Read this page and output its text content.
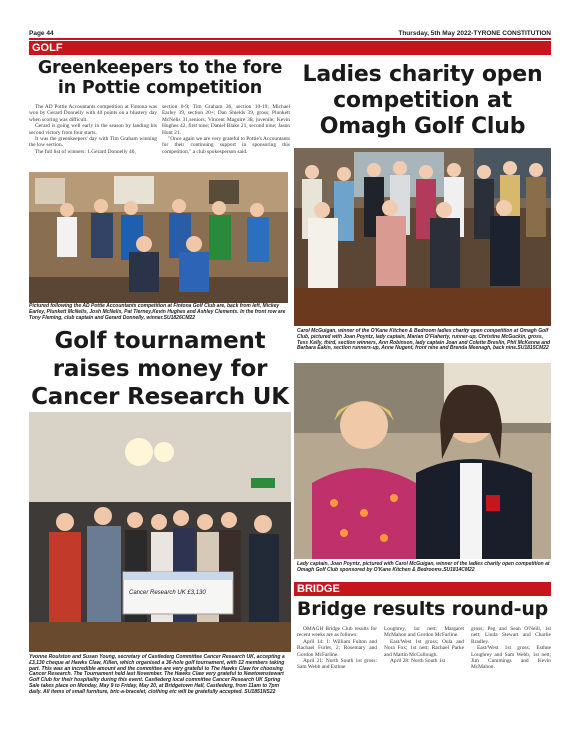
Page 44	Thursday, 5th May 2022-TYRONE CONSTITUTION
GOLF
Greenkeepers to the fore in Pottie competition

The AD Pottie Accountants competition at Fintona was won by Gerard Donnelly with 40 points on a blustery day when scoring was difficult.

Gerard is going well early in the season by landing his second victory from four starts.

It was the greenkeepers' day with Tim Graham winning the low section.

The full list of winners: 1.Gerard Donnelly 40,

section 0-9; Tim Graham 36, section 10-19; Michael Earley 39, section 20+; Dan Shields 39, gross; Plunkett McNelis 31,seniors; Vincent Maguire 38, juvenile; Kevin Hughes 42, first nine; Daniel Blake 21, second nine; Jason Hunt 21.

"Once again we are very grateful to Pottie's Accountants for their continuing support in sponsoring this competition," a club spokesperson said.

Pictured following the AD Pottie Accountants competition at Fintona Golf Club are, back from left, Mickey Earley, Plunkett McNelis, Josh McNelis, Pat Tierney,Kevin Hughes and Ashley Clements. In the front row are Tony Fleming, club captain and Gerard Donnelly, winner.SU1826CM22
Ladies charity open competition at Omagh Golf Club
Carol McGuigan, winner of the O'Kane Kitchen & Bedroom ladies charity open competition at Omagh Golf Club, pictured with Joan Poyntz, lady captain, Marian O'Flaherty, runner-up, Christine McGuckin, gross, Tess Kelly, third, section winners, Ann Robinson, lady captain Joan and Colette Breslin, Phil McKenna and Barbara Eakin, section runners-up, Anne Nugent, front nine and Brenda Meenagh, back nine.SU1815CM22
Golf tournament raises money for Cancer Research UK
Cancer Research UK £3,130
Yvonne Roulston and Susan Young, secretary of Castlederg Committee Cancer Research UK, accepting a £3,130 cheque at Hawks Claw, Killen, which organised a 36-hole golf tournament, with 12 members taking part. This was an incredible amount and the committee are very grateful to The Hawks Claw for choosing Cancer Research. The Tournament held last November. The Hawks Claw very grateful to Newtownstewart Golf Club for their hospitality during this event. Castlederg local committee Cancer Research UK Spring Sale takes place on Monday, May 9 to Friday, May 20, at Bridgetown Hall, Castlederg, from 11am to 7pm daily. All items of small furniture, bric-a-bracelet, clothing etc will be gratefully accepted. SU1851NS22
Lady captain, Joan Poyntz, pictured with Carol McGuigan, winner of the ladies charity open competition at Omagh Golf Club sponsored by O'Kane Kitchen & Bedrooms.SU1814CM22
BRIDGE
Bridge results round-up

OMAGH Bridge Club results for recent weeks are as follows:

April 14: 1: William Fulton and Rachael Furler, 2; Rosemary and Gordon McFarline.

April 21: North South 1st gross: Sam Webb and Esthne

Loughrey, 1st nett; Margaret McMahon and Gordon McFarline.

East/West 1st gross; Oula and Nora Fox; 1st nett; Rachael Parke and Martin McCullough.

April 28: North South 1st

gross; Peg and Sean O'Neill, 1st nett; Linda Stewart and Charlie Bradley.

East/West 1st gross; Esthne Loughrey and Sam Webb, 1st nett; Jim Cummings and Kevin McMahon.
